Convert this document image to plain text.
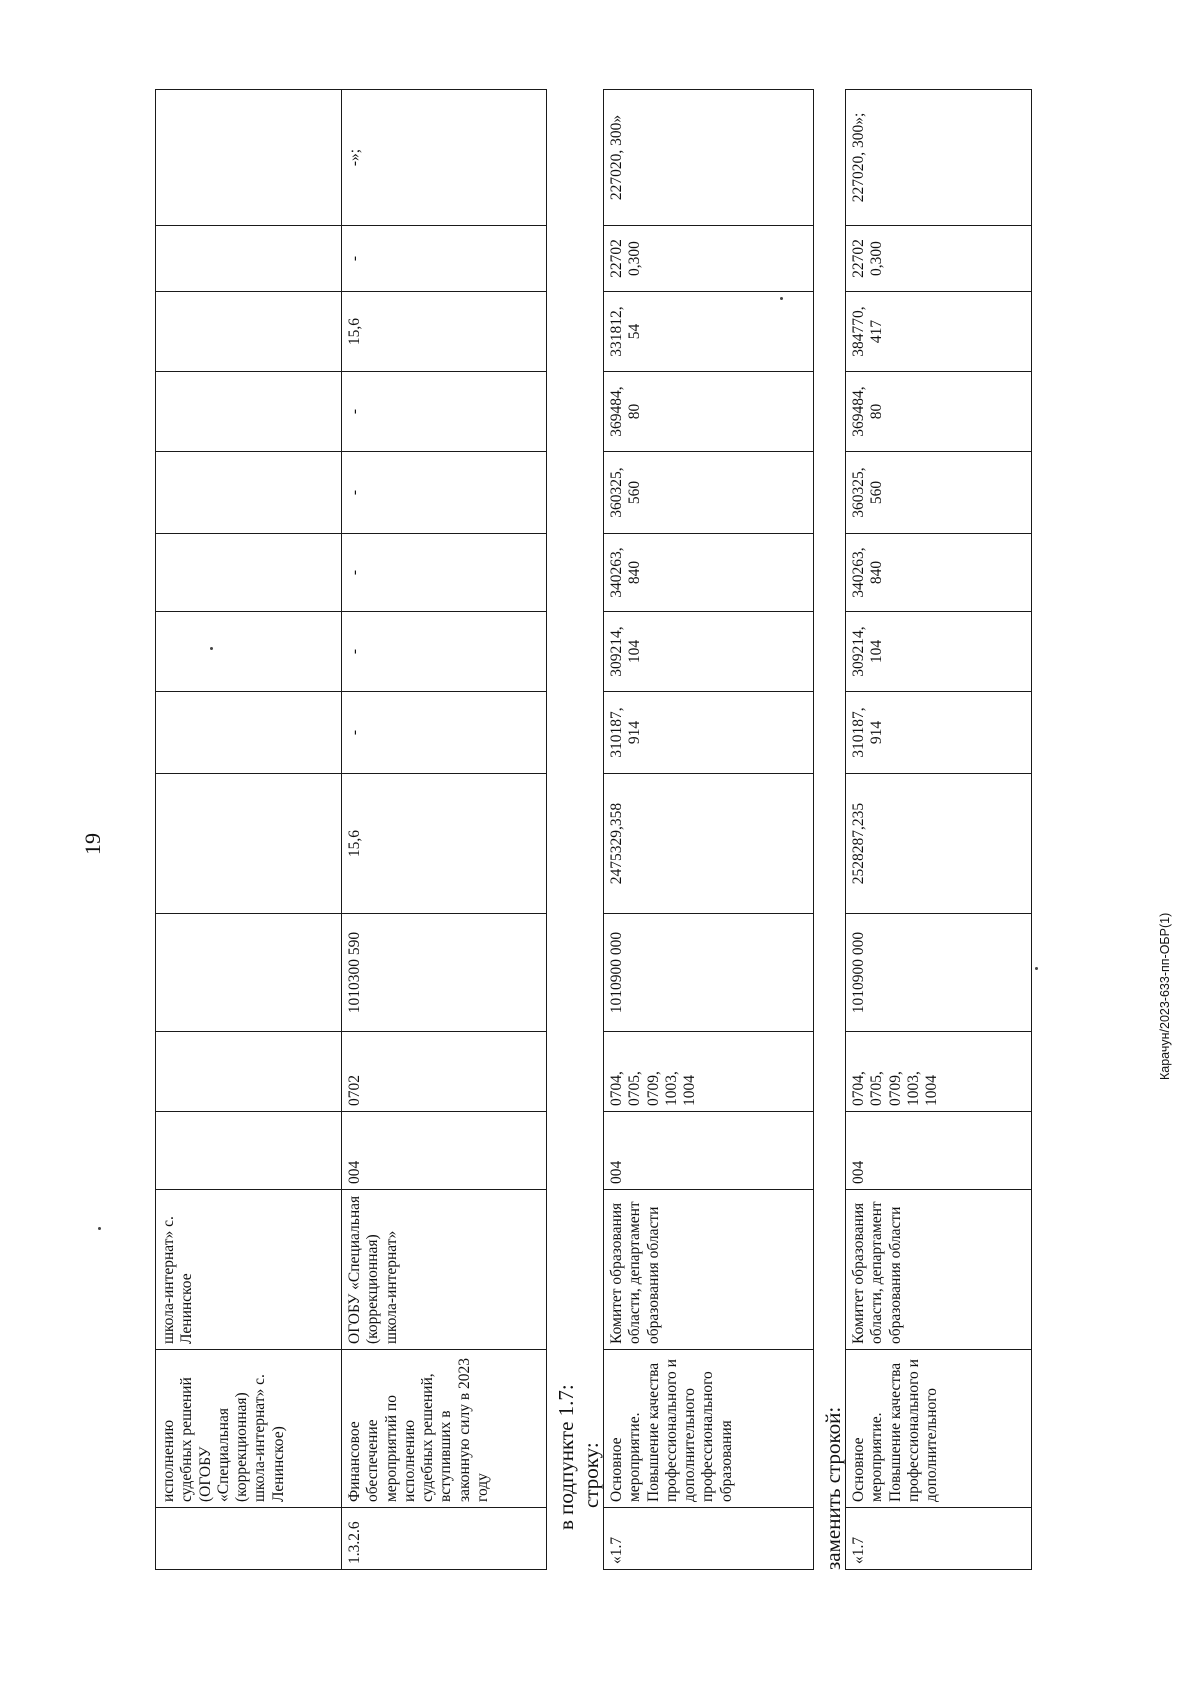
19
	исполнению судебных решений (ОГОБУ «Специальная (коррекционная) школа-интернат» с. Ленинское)	школа-интернат» с. Ленинское												
1.3.2.6	Финансовое обеспечение мероприятий по исполнению судебных решений, вступивших в законную силу в 2023 году	ОГОБУ «Специальная (коррекционная) школа-интернат»	004	0702	1010300 590	15,6	-	-	-	-	-	15,6	-	-»;
в подпункте 1.7: строку:
«1.7	Основное мероприятие. Повышение качества профессионального и дополнительного профессионального образования	Комитет образования области, департамент образования области	004	0704, 0705, 0709, 1003, 1004	1010900 000	2475329,358	310187, 914	309214, 104	340263, 840	360325, 560	369484, 80	331812, 54	22702 0,300	227020, 300»
заменить строкой: «1.7	Основное мероприятие. Повышение качества профессионального и дополнительного	Комитет образования области, департамент образования области	004	0704, 0705, 0709, 1003, 1004	1010900 000	2528287,235	310187, 914	309214, 104	340263, 840	360325, 560	369484, 80	384770, 417	22702 0,300	227020, 300»;
Карачун/2023-633-пп-ОБР(1)
